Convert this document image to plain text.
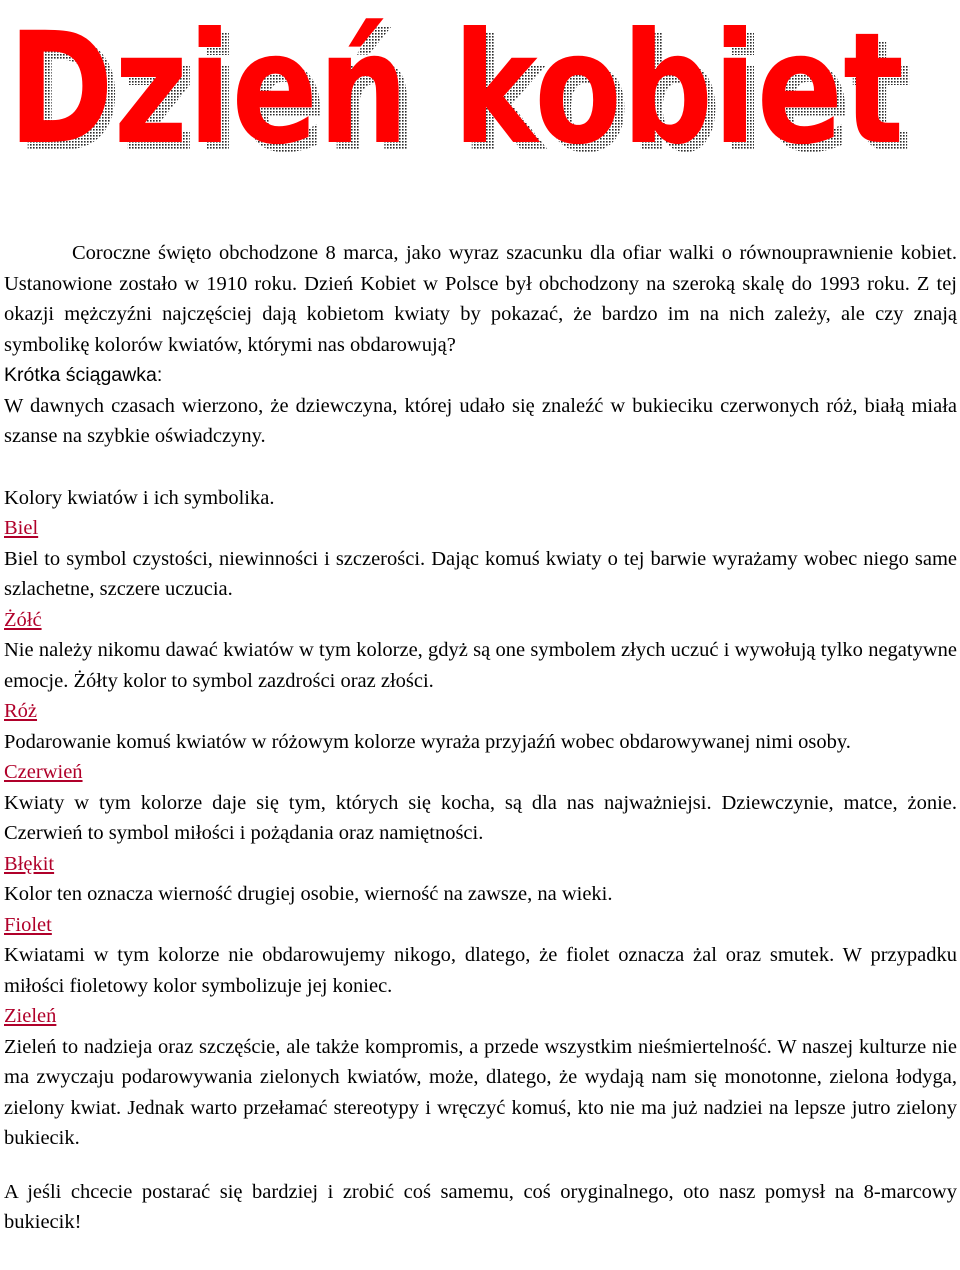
Dzień kobiet
Dzień kobiet

Coroczne święto obchodzone 8 marca, jako wyraz szacunku dla ofiar walki o równouprawnienie kobiet. Ustanowione zostało w 1910 roku. Dzień Kobiet w Polsce był obchodzony na szeroką skalę do 1993 roku. Z tej okazji mężczyźni najczęściej dają kobietom kwiaty by pokazać, że bardzo im na nich zależy, ale czy znają symbolikę kolorów kwiatów, którymi nas obdarowują?

Krótka ściągawka:

W dawnych czasach wierzono, że dziewczyna, której udało się znaleźć w bukieciku czerwonych róż, białą miała szanse na szybkie oświadczyny.

Kolory kwiatów i ich symbolika.

Biel

Biel to symbol czystości, niewinności i szczerości. Dając komuś kwiaty o tej barwie wyrażamy wobec niego same szlachetne, szczere uczucia.

Żółć

Nie należy nikomu dawać kwiatów w tym kolorze, gdyż są one symbolem złych uczuć i wywołują tylko negatywne emocje. Żółty kolor to symbol zazdrości oraz złości.

Róż

Podarowanie komuś kwiatów w różowym kolorze wyraża przyjaźń wobec obdarowywanej nimi osoby.

Czerwień

Kwiaty w tym kolorze daje się tym, których się kocha, są dla nas najważniejsi. Dziewczynie, matce, żonie. Czerwień to symbol miłości i pożądania oraz namiętności.

Błękit

Kolor ten oznacza wierność drugiej osobie, wierność na zawsze, na wieki.

Fiolet

Kwiatami w tym kolorze nie obdarowujemy nikogo, dlatego, że fiolet oznacza żal oraz smutek. W przypadku miłości fioletowy kolor symbolizuje jej koniec.

Zieleń

Zieleń to nadzieja oraz szczęście, ale także kompromis, a przede wszystkim nieśmiertelność. W naszej kulturze nie ma zwyczaju podarowywania zielonych kwiatów, może, dlatego, że wydają nam się monotonne, zielona łodyga, zielony kwiat. Jednak warto przełamać stereotypy i wręczyć komuś, kto nie ma już nadziei na lepsze jutro zielony bukiecik.

A jeśli chcecie postarać się bardziej i zrobić coś samemu, coś oryginalnego, oto nasz pomysł na 8-marcowy bukiecik!
